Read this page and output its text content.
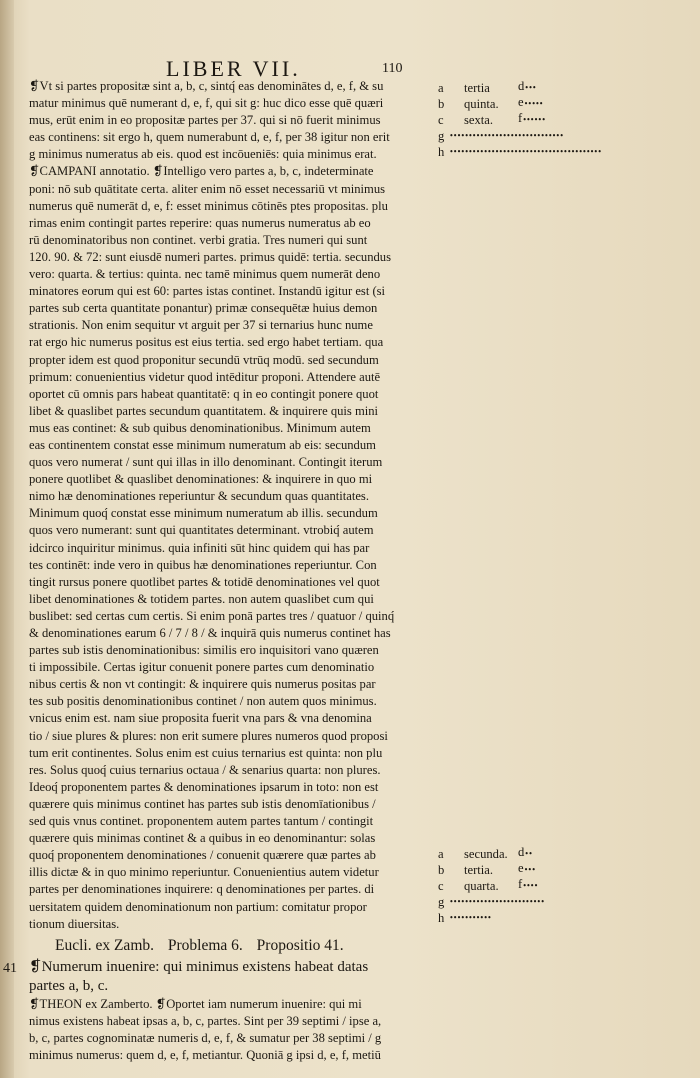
LIBER VII.	110
❡Vt si partes propositæ sint a, b, c, sintq́ eas denominātes d, e, f, & su
matur minimus quē numerant d, e, f, qui sit g: huc dico esse quē quæri
mus, erūt enim in eo propositæ partes per 37. qui si nō fuerit minimus
eas continens: sit ergo h, quem numerabunt d, e, f, per 38 igitur non erit
g minimus numeratus ab eis. quod est incōueniēs: quia minimus erat.
❡CAMPANI annotatio. ❡Intelligo vero partes a, b, c, indeterminate
poni: nō sub quātitate certa. aliter enim nō esset necessariū vt minimus
numerus quē numerāt d, e, f: esset minimus cōtinēs ptes propositas. plu
rimas enim contingit partes reperire: quas numerus numeratus ab eo
rū denominatoribus non continet. verbi gratia. Tres numeri qui sunt
120. 90. & 72: sunt eiusdē numeri partes. primus quidē: tertia. secundus
vero: quarta. & tertius: quinta. nec tamē minimus quem numerāt deno
minatores eorum qui est 60: partes istas continet. Instandū igitur est (si
partes sub certa quantitate ponantur) primæ consequētæ huius demon
strationis. Non enim sequitur vt arguit per 37 si ternarius hunc nume
rat ergo hic numerus positus est eius tertia. sed ergo habet tertiam. qua
propter idem est quod proponitur secundū vtrūq modū. sed secundum
primum: conuenientius videtur quod intēditur proponi. Attendere autē
oportet cū omnis pars habeat quantitatē: q in eo contingit ponere quot
libet & quaslibet partes secundum quantitatem. & inquirere quis mini
mus eas continet: & sub quibus denominationibus. Minimum autem
eas continentem constat esse minimum numeratum ab eis: secundum
quos vero numerat / sunt qui illas in illo denominant. Contingit iterum
ponere quotlibet & quaslibet denominationes: & inquirere in quo mi
nimo hæ denominationes reperiuntur & secundum quas quantitates.
Minimum quoq́ constat esse minimum numeratum ab illis. secundum
quos vero numerant: sunt qui quantitates determinant. vtrobiq́ autem
idcirco inquiritur minimus. quia infiniti sūt hinc quidem qui has par
tes continēt: inde vero in quibus hæ denominationes reperiuntur. Con
tingit rursus ponere quotlibet partes & totidē denominationes vel quot
libet denominationes & totidem partes. non autem quaslibet cum qui
buslibet: sed certas cum certis. Si enim ponā partes tres / quatuor / quinq́
& denominationes earum 6 / 7 / 8 / & inquirā quis numerus continet has
partes sub istis denominationibus: similis ero inquisitori vano quæren
ti impossibile. Certas igitur conuenit ponere partes cum denominatio
nibus certis & non vt contingit: & inquirere quis numerus positas par
tes sub positis denominationibus continet / non autem quos minimus.
vnicus enim est. nam siue proposita fuerit vna pars & vna denomina
tio / siue plures & plures: non erit sumere plures numeros quod proposi
tum erit continentes. Solus enim est cuius ternarius est quinta: non plu
res. Solus quoq́ cuius ternarius octaua / & senarius quarta: non plures.
Ideoq́ proponentem partes & denominationes ipsarum in toto: non est
quærere quis minimus continet has partes sub istis denomīationibus /
sed quis vnus continet. proponentem autem partes tantum / contingit
quærere quis minimas continet & a quibus in eo denominantur: solas
quoq́ proponentem denominationes / conuenit quærere quæ partes ab
illis dictæ & in quo minimo reperiuntur. Conuenientius autem videtur
partes per denominationes inquirere: q denominationes per partes. di
uersitatem quidem denominationum non partium: comitatur propor
tionum diuersitas.
Eucli. ex Zamb. Problema 6. Propositio 41.
41 ❡Numerum inuenire: qui minimus existens habeat datas
partes a, b, c.
❡THEON ex Zamberto. ❡Oportet iam numerum inuenire: qui mi
nimus existens habeat ipsas a, b, c, partes. Sint per 39 septimi / ipse a,
b, c, partes cognominatæ numeris d, e, f, & sumatur per 38 septimi / g
minimus numerus: quem d, e, f, metiantur. Quoniā g ipsi d, e, f, metiū
a	tertia d•••
b	quinta. e•••••
c	sexta. f••••••
g ••••••••••••••••••••••••••••••
h ••••••••••••••••••••••••••••••••••••••••
a	secunda. d••
b	tertia. e•••
c	quarta. f••••
g •••••••••••••••••••••••••
h •••••••••••
